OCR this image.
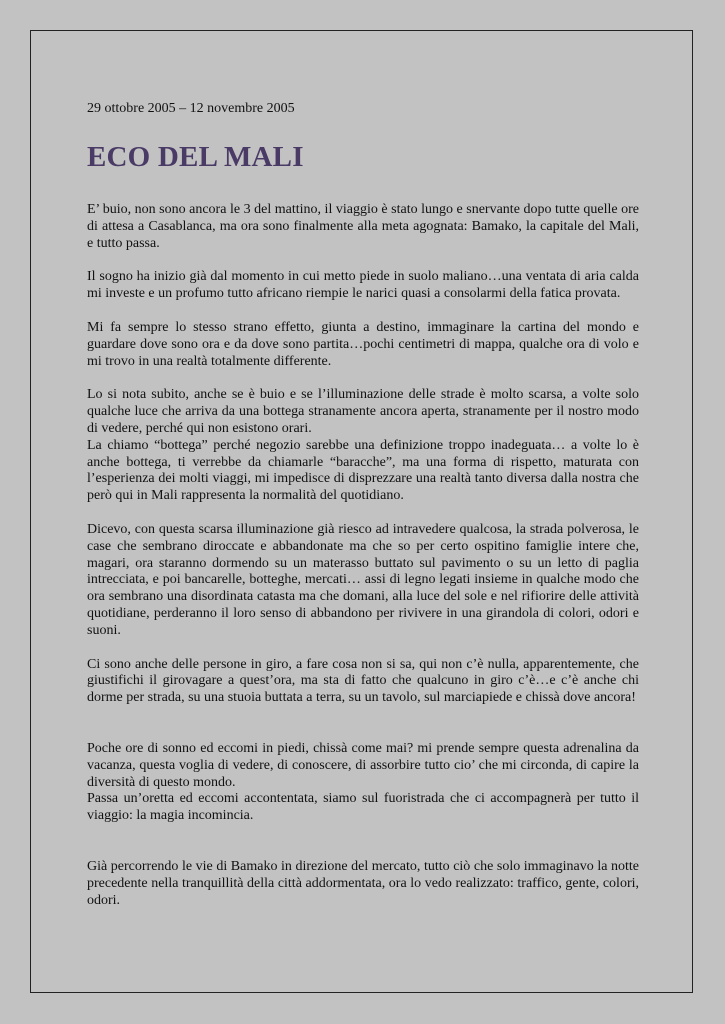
29 ottobre 2005 – 12 novembre 2005

ECO DEL MALI

E’ buio, non sono ancora le 3 del mattino, il viaggio è stato lungo e snervante dopo tutte quelle ore di attesa a Casablanca, ma ora sono finalmente alla meta agognata: Bamako, la capitale del Mali, e tutto passa.

Il sogno ha inizio già dal momento in cui metto piede in suolo maliano…una ventata di aria calda mi investe e un profumo tutto africano riempie le narici quasi a consolarmi della fatica provata.

Mi fa sempre lo stesso strano effetto, giunta a destino, immaginare la cartina del mondo e guardare dove sono ora e da dove sono partita…pochi centimetri di mappa, qualche ora di volo e mi trovo in una realtà totalmente differente.

Lo si nota subito, anche se è buio e se l’illuminazione delle strade è molto scarsa, a volte solo qualche luce che arriva da una bottega stranamente ancora aperta, stranamente per il nostro modo di vedere, perché qui non esistono orari.

La chiamo “bottega” perché negozio sarebbe una definizione troppo inadeguata… a volte lo è anche bottega, ti verrebbe da chiamarle “baracche”, ma una forma di rispetto, maturata con l’esperienza dei molti viaggi, mi impedisce di disprezzare una realtà tanto diversa dalla nostra che però qui in Mali rappresenta la normalità del quotidiano.

Dicevo, con questa scarsa illuminazione già riesco ad intravedere qualcosa, la strada polverosa, le case che sembrano diroccate e abbandonate ma che so per certo ospitino famiglie intere che, magari, ora staranno dormendo su un materasso buttato sul pavimento o su un letto di paglia intrecciata, e poi bancarelle, botteghe, mercati… assi di legno legati insieme in qualche modo che ora sembrano una disordinata catasta ma che domani, alla luce del sole e nel rifiorire delle attività quotidiane, perderanno il loro senso di abbandono per rivivere in una girandola di colori, odori e suoni.

Ci sono anche delle persone in giro, a fare cosa non si sa, qui non c’è nulla, apparentemente, che giustifichi il girovagare a quest’ora, ma sta di fatto che qualcuno in giro c’è…e c’è anche chi dorme per strada, su una stuoia buttata a terra, su un tavolo, sul marciapiede e chissà dove ancora!

Poche ore di sonno ed eccomi in piedi, chissà come mai? mi prende sempre questa adrenalina da vacanza, questa voglia di vedere, di conoscere, di assorbire tutto cio’ che mi circonda, di capire la diversità di questo mondo.

Passa un’oretta ed eccomi accontentata, siamo sul fuoristrada che ci accompagnerà per tutto il viaggio: la magia incomincia.

Già percorrendo le vie di Bamako in direzione del mercato, tutto ciò che solo immaginavo la notte precedente nella tranquillità della città addormentata, ora lo vedo realizzato: traffico, gente, colori, odori.
